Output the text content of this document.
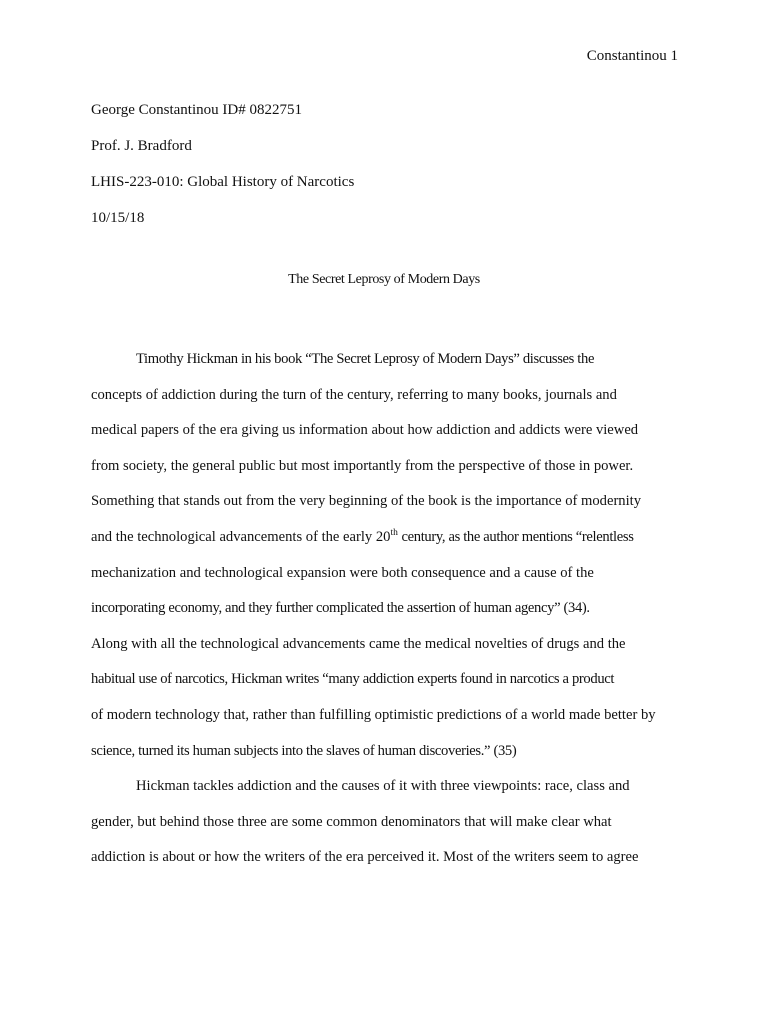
Constantinou 1
George Constantinou ID# 0822751
Prof. J. Bradford
LHIS-223-010: Global History of Narcotics
10/15/18
The Secret Leprosy of Modern Days
Timothy Hickman in his book “The Secret Leprosy of Modern Days” discusses the
concepts of addiction during the turn of the century, referring to many books, journals and
medical papers of the era giving us information about how addiction and addicts were viewed
from society, the general public but most importantly from the perspective of those in power.
Something that stands out from the very beginning of the book is the importance of modernity
and the technological advancements of the early 20th century, as the author mentions “relentless
mechanization and technological expansion were both consequence and a cause of the
incorporating economy, and they further complicated the assertion of human agency” (34).
Along with all the technological advancements came the medical novelties of drugs and the
habitual use of narcotics, Hickman writes “many addiction experts found in narcotics a product
of modern technology that, rather than fulfilling optimistic predictions of a world made better by
science, turned its human subjects into the slaves of human discoveries.” (35)
Hickman tackles addiction and the causes of it with three viewpoints: race, class and
gender, but behind those three are some common denominators that will make clear what
addiction is about or how the writers of the era perceived it. Most of the writers seem to agree
